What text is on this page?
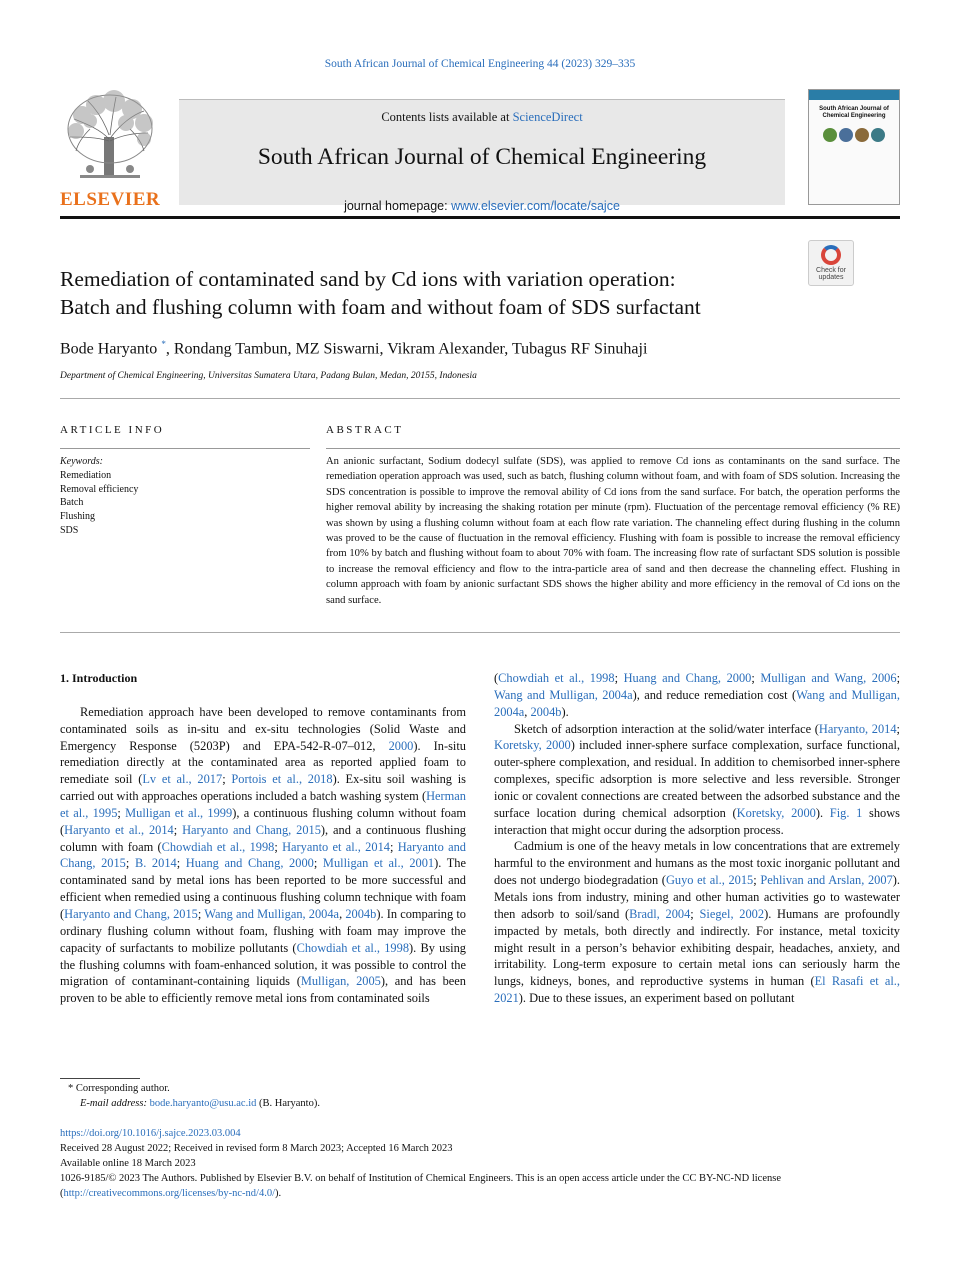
South African Journal of Chemical Engineering 44 (2023) 329–335
ELSEVIER
Contents lists available at ScienceDirect
South African Journal of Chemical Engineering
journal homepage: www.elsevier.com/locate/sajce
South African Journal of Chemical Engineering
Check for updates
Remediation of contaminated sand by Cd ions with variation operation:
Batch and flushing column with foam and without foam of SDS surfactant
Bode Haryanto *, Rondang Tambun, MZ Siswarni, Vikram Alexander, Tubagus RF Sinuhaji
Department of Chemical Engineering, Universitas Sumatera Utara, Padang Bulan, Medan, 20155, Indonesia
ARTICLE INFO	ABSTRACT
Keywords:
Remediation
Removal efficiency
Batch
Flushing
SDS
An anionic surfactant, Sodium dodecyl sulfate (SDS), was applied to remove Cd ions as contaminants on the sand surface. The remediation operation approach was used, such as batch, flushing column without foam, and with foam of SDS solution. Increasing the SDS concentration is possible to improve the removal ability of Cd ions from the sand surface. For batch, the operation performs the higher removal ability by increasing the shaking rotation per minute (rpm). Fluctuation of the percentage removal efficiency (% RE) was shown by using a flushing column without foam at each flow rate variation. The channeling effect during flushing in the column was proved to be the cause of fluctuation in the removal efficiency. Flushing with foam is possible to increase the removal efficiency from 10% by batch and flushing without foam to about 70% with foam. The increasing flow rate of surfactant SDS solution is possible to increase the removal efficiency and flow to the intra-particle area of sand and then decrease the channeling effect. Flushing in column approach with foam by anionic surfactant SDS shows the higher ability and more efficiency in the removal of Cd ions on the sand surface.
1. Introduction

Remediation approach have been developed to remove contaminants from contaminated soils as in-situ and ex-situ technologies (Solid Waste and Emergency Response (5203P) and EPA-542-R-07–012, 2000). In-situ remediation directly at the contaminated area as reported applied foam to remediate soil (Lv et al., 2017; Portois et al., 2018). Ex-situ soil washing is carried out with approaches operations included a batch washing system (Herman et al., 1995; Mulligan et al., 1999), a continuous flushing column without foam (Haryanto et al., 2014; Haryanto and Chang, 2015), and a continuous flushing column with foam (Chowdiah et al., 1998; Haryanto et al., 2014; Haryanto and Chang, 2015; B. 2014; Huang and Chang, 2000; Mulligan et al., 2001). The contaminated sand by metal ions has been reported to be more successful and efficient when remedied using a continuous flushing column technique with foam (Haryanto and Chang, 2015; Wang and Mulligan, 2004a, 2004b). In comparing to ordinary flushing column without foam, flushing with foam may improve the capacity of surfactants to mobilize pollutants (Chowdiah et al., 1998). By using the flushing columns with foam-enhanced solution, it was possible to control the migration of contaminant-containing liquids (Mulligan, 2005), and has been proven to be able to efficiently remove metal ions from contaminated soils

(Chowdiah et al., 1998; Huang and Chang, 2000; Mulligan and Wang, 2006; Wang and Mulligan, 2004a), and reduce remediation cost (Wang and Mulligan, 2004a, 2004b).

Sketch of adsorption interaction at the solid/water interface (Haryanto, 2014; Koretsky, 2000) included inner-sphere surface complexation, surface functional, outer-sphere complexation, and residual. In addition to chemisorbed inner-sphere complexes, specific adsorption is more selective and less reversible. Stronger ionic or covalent connections are created between the adsorbed substance and the surface location during chemical adsorption (Koretsky, 2000). Fig. 1 shows interaction that might occur during the adsorption process.

Cadmium is one of the heavy metals in low concentrations that are extremely harmful to the environment and humans as the most toxic inorganic pollutant and does not undergo biodegradation (Guyo et al., 2015; Pehlivan and Arslan, 2007). Metals ions from industry, mining and other human activities go to wastewater then adsorb to soil/sand (Bradl, 2004; Siegel, 2002). Humans are profoundly impacted by metals, both directly and indirectly. For instance, metal toxicity might result in a person’s behavior exhibiting despair, headaches, anxiety, and irritability. Long-term exposure to certain metal ions can seriously harm the lungs, kidneys, bones, and reproductive systems in human (El Rasafi et al., 2021). Due to these issues, an experiment based on pollutant

* Corresponding author.
E-mail address: bode.haryanto@usu.ac.id (B. Haryanto).
https://doi.org/10.1016/j.sajce.2023.03.004
Received 28 August 2022; Received in revised form 8 March 2023; Accepted 16 March 2023
Available online 18 March 2023
1026-9185/© 2023 The Authors. Published by Elsevier B.V. on behalf of Institution of Chemical Engineers. This is an open access article under the CC BY-NC-ND license (http://creativecommons.org/licenses/by-nc-nd/4.0/).
